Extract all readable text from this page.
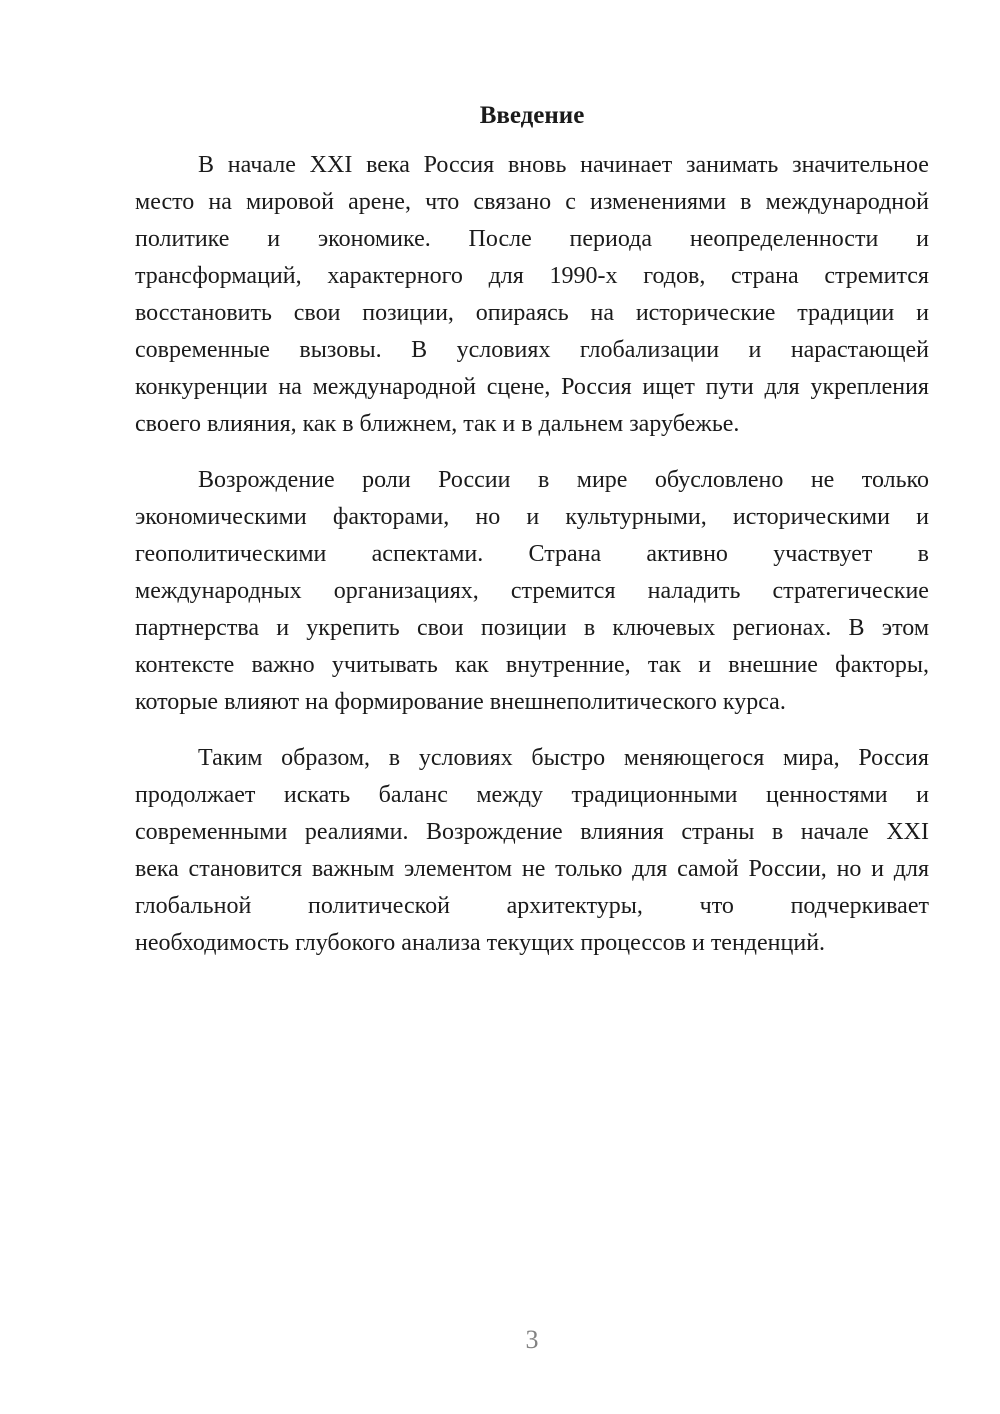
Введение
В начале XXI века Россия вновь начинает занимать значительное
место на мировой арене, что связано с изменениями в международной
политике и экономике. После периода неопределенности и
трансформаций, характерного для 1990-х годов, страна стремится
восстановить свои позиции, опираясь на исторические традиции и
современные вызовы. В условиях глобализации и нарастающей
конкуренции на международной сцене, Россия ищет пути для укрепления
своего влияния, как в ближнем, так и в дальнем зарубежье.
Возрождение роли России в мире обусловлено не только
экономическими факторами, но и культурными, историческими и
геополитическими аспектами. Страна активно участвует в
международных организациях, стремится наладить стратегические
партнерства и укрепить свои позиции в ключевых регионах. В этом
контексте важно учитывать как внутренние, так и внешние факторы,
которые влияют на формирование внешнеполитического курса.
Таким образом, в условиях быстро меняющегося мира, Россия
продолжает искать баланс между традиционными ценностями и
современными реалиями. Возрождение влияния страны в начале XXI
века становится важным элементом не только для самой России, но и для
глобальной политической архитектуры, что подчеркивает
необходимость глубокого анализа текущих процессов и тенденций.
3
